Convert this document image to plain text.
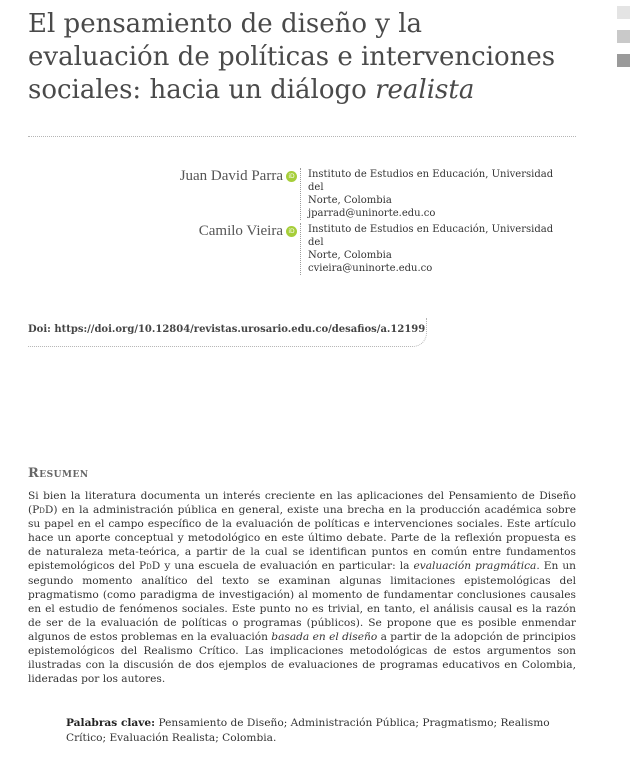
El pensamiento de diseño y la
evaluación de políticas e intervenciones
sociales: hacia un diálogo realista
Juan David Parra iD	Instituto de Estudios en Educación, Universidad del
Norte, Colombia
jparrad@uninorte.edu.co
Camilo Vieira iD	Instituto de Estudios en Educación, Universidad del
Norte, Colombia
cvieira@uninorte.edu.co
Doi: https://doi.org/10.12804/revistas.urosario.edu.co/desafios/a.12199
Resumen

Si bien la literatura documenta un interés creciente en las aplicaciones del Pensamiento de Diseño (PdD) en la administración pública en general, existe una brecha en la producción académica sobre su papel en el campo específico de la evaluación de políticas e intervenciones sociales. Este artículo hace un aporte conceptual y metodológico en este último debate. Parte de la reflexión propuesta es de naturaleza meta-teórica, a partir de la cual se identifican puntos en común entre fundamentos epistemológicos del PdD y una escuela de evaluación en particular: la evaluación pragmática. En un segundo momento analítico del texto se examinan algunas limitaciones epistemológicas del pragmatismo (como paradigma de investigación) al momento de fundamentar conclusiones causales en el estudio de fenómenos sociales. Este punto no es trivial, en tanto, el análisis causal es la razón de ser de la evaluación de políticas o programas (públicos). Se propone que es posible enmendar algunos de estos problemas en la evaluación basada en el diseño a partir de la adopción de principios epistemológicos del Realismo Crítico. Las implicaciones metodológicas de estos argumentos son ilustradas con la discusión de dos ejemplos de evaluaciones de programas educativos en Colombia, lideradas por los autores.

Palabras clave: Pensamiento de Diseño; Administración Pública; Pragmatismo; Realismo Crítico; Evaluación Realista; Colombia.
